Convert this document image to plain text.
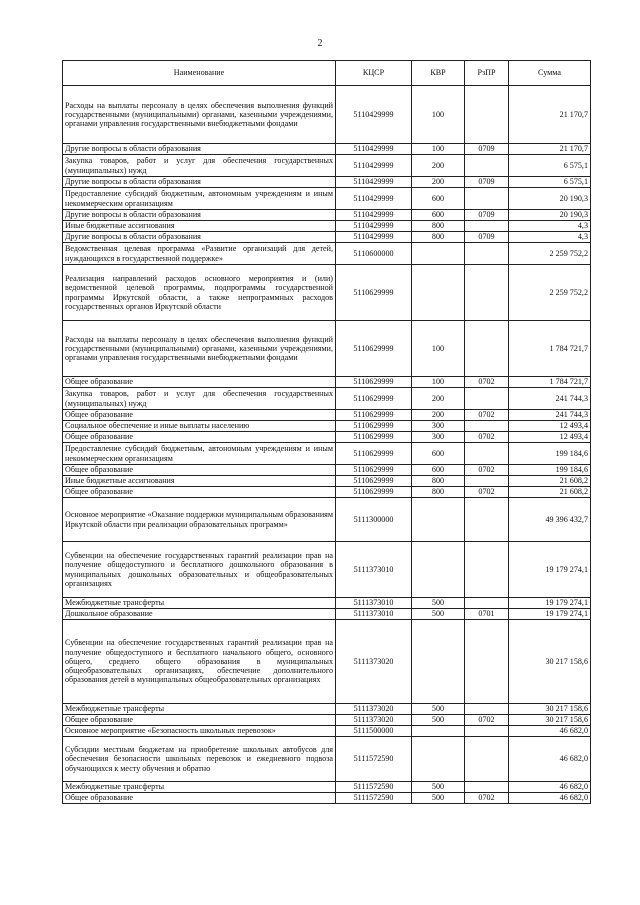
2
Наименование	КЦСР	КВР	РзПР	Сумма
Расходы на выплаты персоналу в целях обеспечения выполнения функций государственными (муниципальными) органами, казенными учреждениями, органами управления государственными внебюджетными фондами	5110429999	100		21 170,7
Другие вопросы в области образования	5110429999	100	0709	21 170,7
Закупка товаров, работ и услуг для обеспечения государственных (муниципальных) нужд	5110429999	200		6 575,1
Другие вопросы в области образования	5110429999	200	0709	6 575,1
Предоставление субсидий бюджетным, автономным учреждениям и иным некоммерческим организациям	5110429999	600		20 190,3
Другие вопросы в области образования	5110429999	600	0709	20 190,3
Иные бюджетные ассигнования	5110429999	800		4,3
Другие вопросы в области образования	5110429999	800	0709	4,3
Ведомственная целевая программа «Развитие организаций для детей, нуждающихся в государственной поддержке»	5110600000			2 259 752,2
Реализация направлений расходов основного мероприятия и (или) ведомственной целевой программы, подпрограммы государственной программы Иркутской области, а также непрограммных расходов государственных органов Иркутской области	5110629999			2 259 752,2
Расходы на выплаты персоналу в целях обеспечения выполнения функций государственными (муниципальными) органами, казенными учреждениями, органами управления государственными внебюджетными фондами	5110629999	100		1 784 721,7
Общее образование	5110629999	100	0702	1 784 721,7
Закупка товаров, работ и услуг для обеспечения государственных (муниципальных) нужд	5110629999	200		241 744,3
Общее образование	5110629999	200	0702	241 744,3
Социальное обеспечение и иные выплаты населению	5110629999	300		12 493,4
Общее образование	5110629999	300	0702	12 493,4
Предоставление субсидий бюджетным, автономным учреждениям и иным некоммерческим организациям	5110629999	600		199 184,6
Общее образование	5110629999	600	0702	199 184,6
Иные бюджетные ассигнования	5110629999	800		21 608,2
Общее образование	5110629999	800	0702	21 608,2
Основное мероприятие «Оказание поддержки муниципальным образованиям Иркутской области при реализации образовательных программ»	5111300000			49 396 432,7
Субвенции на обеспечение государственных гарантий реализации прав на получение общедоступного и бесплатного дошкольного образования в муниципальных дошкольных образовательных и общеобразовательных организациях	5111373010			19 179 274,1
Межбюджетные трансферты	5111373010	500		19 179 274,1
Дошкольное образование	5111373010	500	0701	19 179 274,1
Субвенции на обеспечение государственных гарантий реализации прав на получение общедоступного и бесплатного начального общего, основного общего, среднего общего образования в муниципальных общеобразовательных организациях, обеспечение дополнительного образования детей в муниципальных общеобразовательных организациях	5111373020			30 217 158,6
Межбюджетные трансферты	5111373020	500		30 217 158,6
Общее образование	5111373020	500	0702	30 217 158,6
Основное мероприятие «Безопасность школьных перевозок»	5111500000			46 682,0
Субсидии местным бюджетам на приобретение школьных автобусов для обеспечения безопасности школьных перевозок и ежедневного подвоза обучающихся к месту обучения и обратно	5111572590			46 682,0
Межбюджетные трансферты	5111572590	500		46 682,0
Общее образование	5111572590	500	0702	46 682,0
